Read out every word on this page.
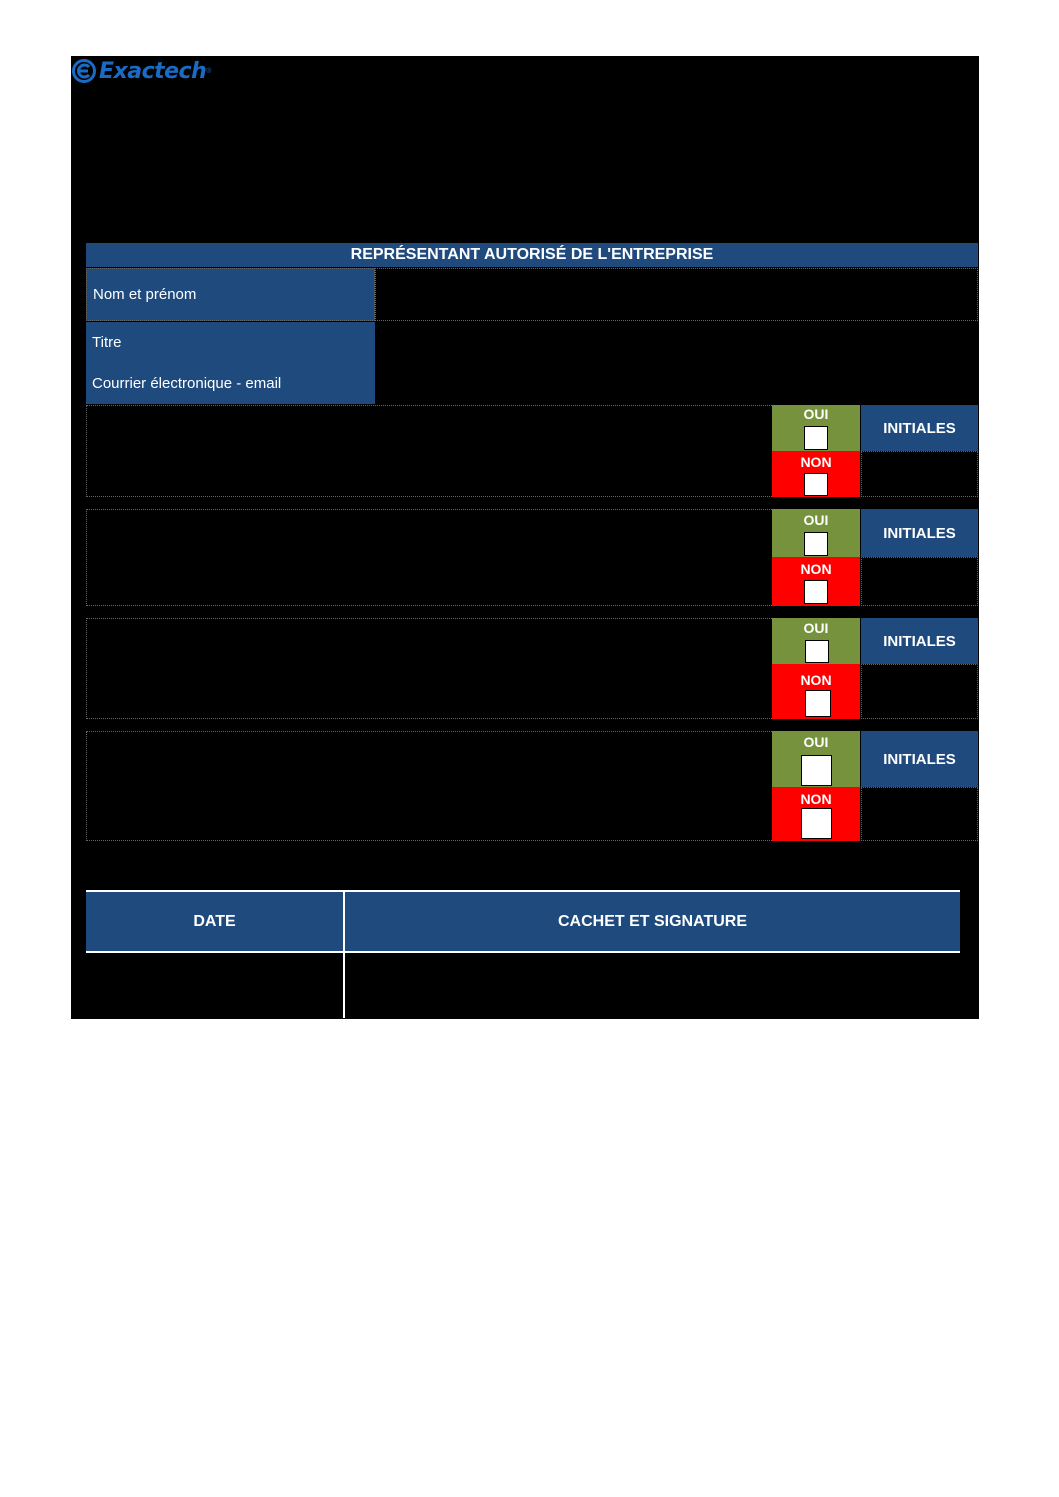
Exactech ®
REPRÉSENTANT AUTORISÉ DE L'ENTREPRISE
Nom et prénom
Titre
Courrier électronique - email
OUI
NON
INITIALES
OUI
NON
INITIALES
OUI
NON
INITIALES
OUI
NON
INITIALES
DATE	CACHET ET SIGNATURE
